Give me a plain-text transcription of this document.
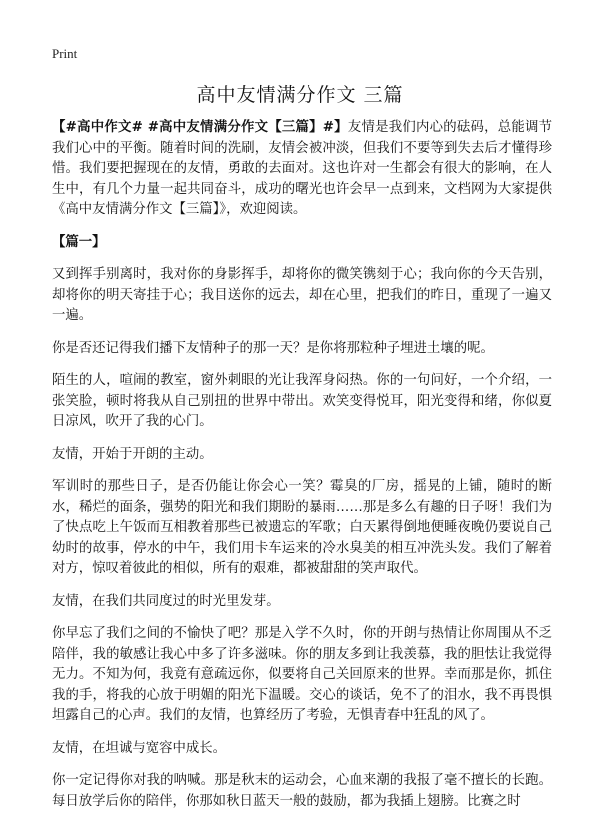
Print
高中友情满分作文 三篇

【#高中作文# #高中友情满分作文【三篇】#】友情是我们内心的砝码，总能调节我们心中的平衡。随着时间的洗刷，友情会被冲淡，但我们不要等到失去后才懂得珍惜。我们要把握现在的友情，勇敢的去面对。这也许对一生都会有很大的影响，在人生中，有几个力量一起共同奋斗，成功的曙光也许会早一点到来，文档网为大家提供《高中友情满分作文【三篇】》，欢迎阅读。

【篇一】

又到挥手别离时，我对你的身影挥手，却将你的微笑镌刻于心；我向你的今天告别，却将你的明天寄挂于心；我目送你的远去，却在心里，把我们的昨日，重现了一遍又一遍。

你是否还记得我们播下友情种子的那一天？是你将那粒种子埋进土壤的呢。

陌生的人，喧闹的教室，窗外刺眼的光让我浑身闷热。你的一句问好，一个介绍，一张笑脸，顿时将我从自己别扭的世界中带出。欢笑变得悦耳，阳光变得和绪，你似夏日凉风，吹开了我的心门。

友情，开始于开朗的主动。

军训时的那些日子，是否仍能让你会心一笑？霉臭的厂房，摇晃的上铺，随时的断水，稀烂的面条，强势的阳光和我们期盼的暴雨……那是多么有趣的日子呀！我们为了快点吃上午饭而互相教着那些已被遗忘的军歌；白天累得倒地便睡夜晚仍要说自己幼时的故事，停水的中午，我们用卡车运来的冷水臭美的相互冲洗头发。我们了解着对方，惊叹着彼此的相似，所有的艰难，都被甜甜的笑声取代。

友情，在我们共同度过的时光里发芽。

你早忘了我们之间的不愉快了吧？那是入学不久时，你的开朗与热情让你周围从不乏陪伴，我的敏感让我心中多了许多滋味。你的朋友多到让我羡慕，我的胆怯让我觉得无力。不知为何，我竟有意疏远你，似要将自己关回原来的世界。幸而那是你，抓住我的手，将我的心放于明媚的阳光下温暖。交心的谈话，免不了的泪水，我不再畏惧坦露自己的心声。我们的友情，也算经历了考验，无惧青春中狂乱的风了。

友情，在坦诚与宽容中成长。

你一定记得你对我的呐喊。那是秋末的运动会，心血来潮的我报了毫不擅长的长跑。每日放学后你的陪伴，你那如秋日蓝天一般的鼓励，都为我插上翅膀。比赛之时
